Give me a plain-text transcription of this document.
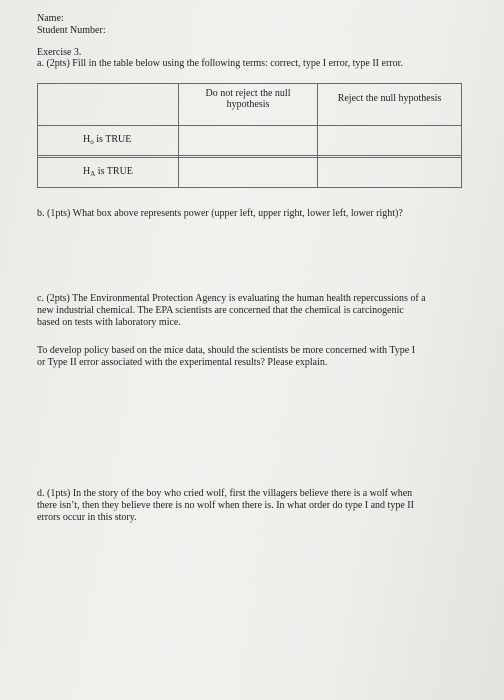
Name:
Student Number:
Exercise 3.
a. (2pts) Fill in the table below using the following terms: correct, type I error, type II error.

	Do not reject the null
hypothesis	Reject the null hypothesis
$H_o$ is TRUE		

$H_A$ is TRUE		
b. (1pts) What box above represents power (upper left, upper right, lower left, lower right)?
c. (2pts) The Environmental Protection Agency is evaluating the human health repercussions of a
new industrial chemical. The EPA scientists are concerned that the chemical is carcinogenic
based on tests with laboratory mice.
To develop policy based on the mice data, should the scientists be more concerned with Type I
or Type II error associated with the experimental results? Please explain.
d. (1pts) In the story of the boy who cried wolf, first the villagers believe there is a wolf when
there isn’t, then they believe there is no wolf when there is. In what order do type I and type II
errors occur in this story.
